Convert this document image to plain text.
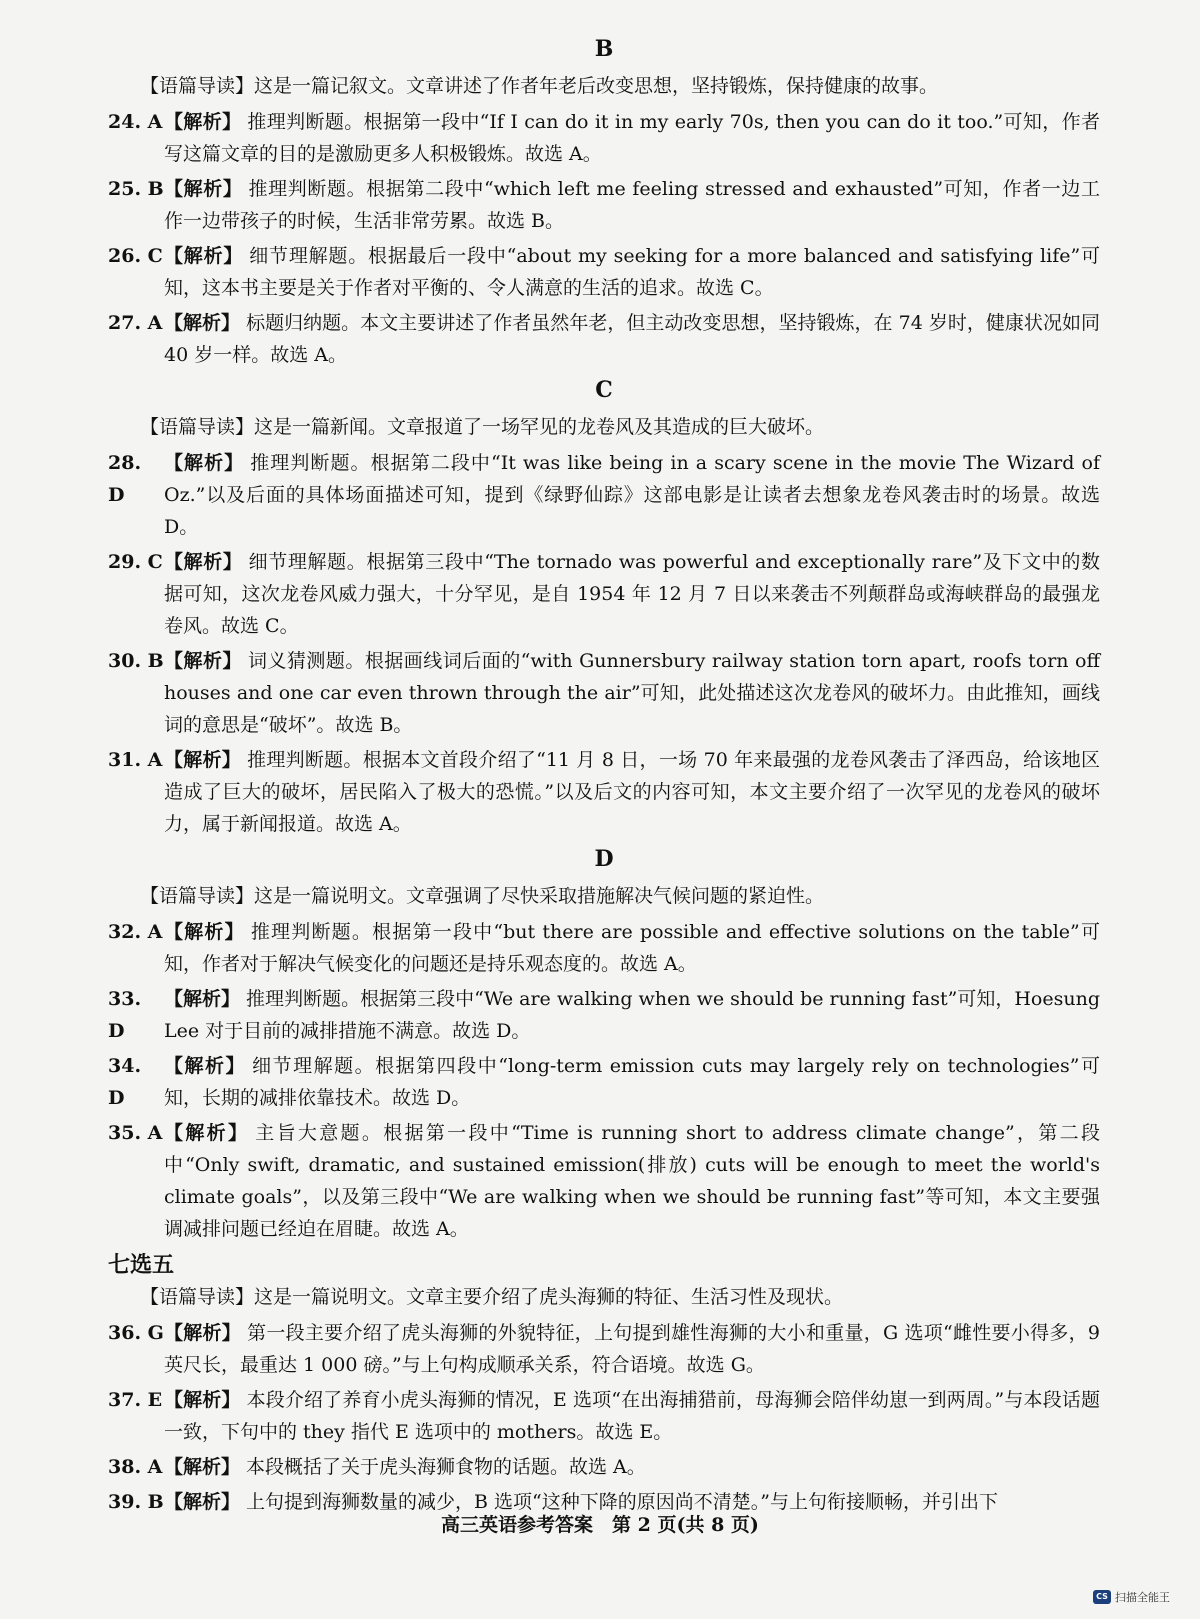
B
【语篇导读】这是一篇记叙文。文章讲述了作者年老后改变思想，坚持锻炼，保持健康的故事。
24. A 【解析】 推理判断题。根据第一段中“If I can do it in my early 70s, then you can do it too.”可知，作者写这篇文章的目的是激励更多人积极锻炼。故选 A。
25. B 【解析】 推理判断题。根据第二段中“which left me feeling stressed and exhausted”可知，作者一边工作一边带孩子的时候，生活非常劳累。故选 B。
26. C 【解析】 细节理解题。根据最后一段中“about my seeking for a more balanced and satisfying life”可知，这本书主要是关于作者对平衡的、令人满意的生活的追求。故选 C。
27. A 【解析】 标题归纳题。本文主要讲述了作者虽然年老，但主动改变思想，坚持锻炼，在 74 岁时，健康状况如同 40 岁一样。故选 A。
C
【语篇导读】这是一篇新闻。文章报道了一场罕见的龙卷风及其造成的巨大破坏。
28. D
【解析】 推理判断题。根据第二段中“It was like being in a scary scene in the movie The Wizard of Oz.”以及后面的具体场面描述可知，提到《绿野仙踪》这部电影是让读者去想象龙卷风袭击时的场景。故选 D。
29. C 【解析】 细节理解题。根据第三段中“The tornado was powerful and exceptionally rare”及下文中的数据可知，这次龙卷风威力强大，十分罕见，是自 1954 年 12 月 7 日以来袭击不列颠群岛或海峡群岛的最强龙卷风。故选 C。
30. B 【解析】 词义猜测题。根据画线词后面的“with Gunnersbury railway station torn apart, roofs torn off houses and one car even thrown through the air”可知，此处描述这次龙卷风的破坏力。由此推知，画线词的意思是“破坏”。故选 B。
31. A 【解析】 推理判断题。根据本文首段介绍了“11 月 8 日，一场 70 年来最强的龙卷风袭击了泽西岛，给该地区造成了巨大的破坏，居民陷入了极大的恐慌。”以及后文的内容可知，本文主要介绍了一次罕见的龙卷风的破坏力，属于新闻报道。故选 A。
D
【语篇导读】这是一篇说明文。文章强调了尽快采取措施解决气候问题的紧迫性。
32. A 【解析】 推理判断题。根据第一段中“but there are possible and effective solutions on the table”可知，作者对于解决气候变化的问题还是持乐观态度的。故选 A。
33. D
【解析】 推理判断题。根据第三段中“We are walking when we should be running fast”可知，Hoesung Lee 对于目前的减排措施不满意。故选 D。
34. D
【解析】 细节理解题。根据第四段中“long-term emission cuts may largely rely on technologies”可知，长期的减排依靠技术。故选 D。
35. A 【解析】 主旨大意题。根据第一段中“Time is running short to address climate change”，第二段中“Only swift, dramatic, and sustained emission(排放) cuts will be enough to meet the world's climate goals”，以及第三段中“We are walking when we should be running fast”等可知，本文主要强调减排问题已经迫在眉睫。故选 A。
七选五
【语篇导读】这是一篇说明文。文章主要介绍了虎头海狮的特征、生活习性及现状。
36. G 【解析】 第一段主要介绍了虎头海狮的外貌特征，上句提到雄性海狮的大小和重量，G 选项“雌性要小得多，9 英尺长，最重达 1 000 磅。”与上句构成顺承关系，符合语境。故选 G。
37. E 【解析】 本段介绍了养育小虎头海狮的情况，E 选项“在出海捕猎前，母海狮会陪伴幼崽一到两周。”与本段话题一致，下句中的 they 指代 E 选项中的 mothers。故选 E。
38. A 【解析】 本段概括了关于虎头海狮食物的话题。故选 A。
39. B 【解析】 上句提到海狮数量的减少，B 选项“这种下降的原因尚不清楚。”与上句衔接顺畅，并引出下
高三英语参考答案　第 2 页(共 8 页)
CS 扫描全能王
